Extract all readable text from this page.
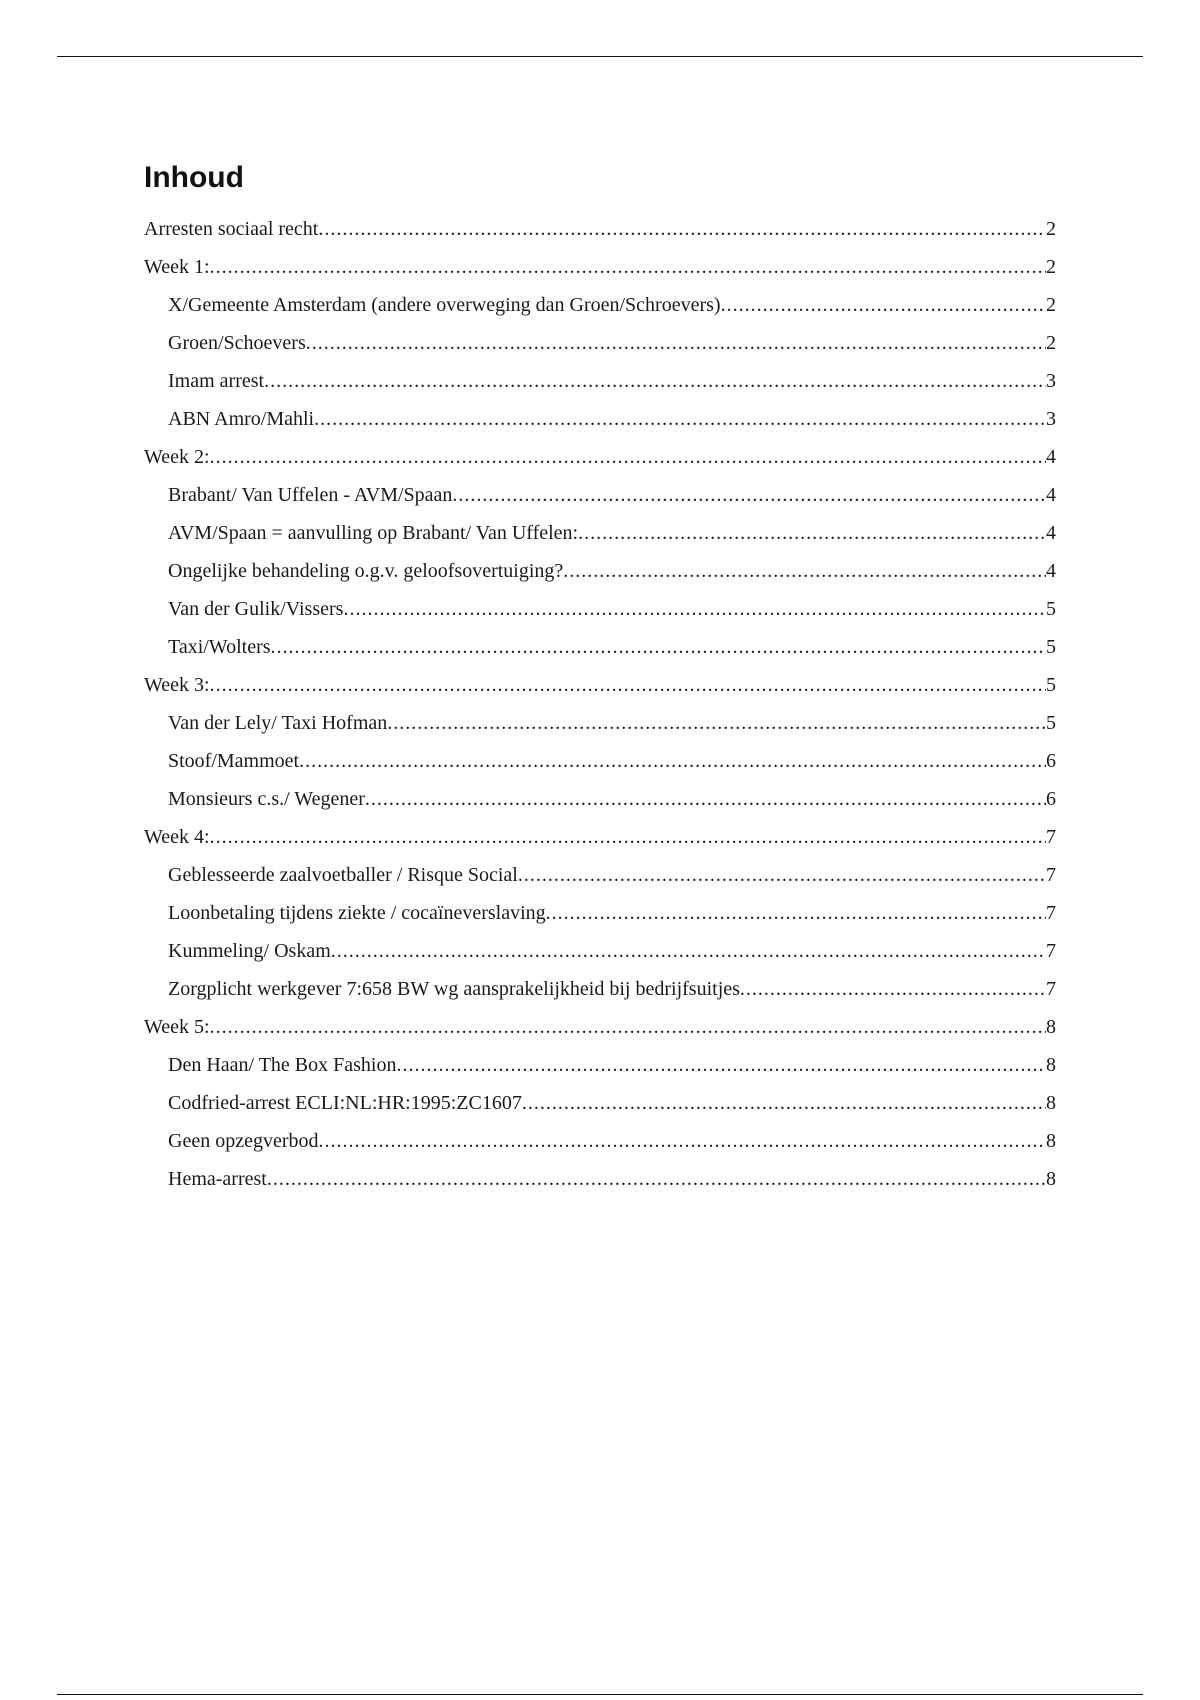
Inhoud
Arresten sociaal recht .....	2
Week 1: .....	2
X/Gemeente Amsterdam (andere overweging dan Groen/Schroevers) .....	2
Groen/Schoevers .....	2
Imam arrest .....	3
ABN Amro/Mahli .....	3
Week 2: .....	4
Brabant/ Van Uffelen - AVM/Spaan .....	4
AVM/Spaan = aanvulling op Brabant/ Van Uffelen: .....	4
Ongelijke behandeling o.g.v. geloofsovertuiging? .....	4
Van der Gulik/Vissers .....	5
Taxi/Wolters .....	5
Week 3: .....	5
Van der Lely/ Taxi Hofman .....	5
Stoof/Mammoet .....	6
Monsieurs c.s./ Wegener .....	6
Week 4: .....	7
Geblesseerde zaalvoetballer / Risque Social .....	7
Loonbetaling tijdens ziekte / cocaïneverslaving .....	7
Kummeling/ Oskam .....	7
Zorgplicht werkgever 7:658 BW wg aansprakelijkheid bij bedrijfsuitjes .....	7
Week 5: .....	8
Den Haan/ The Box Fashion .....	8
Codfried-arrest ECLI:NL:HR:1995:ZC1607 .....	8
Geen opzegverbod .....	8
Hema-arrest .....	8
